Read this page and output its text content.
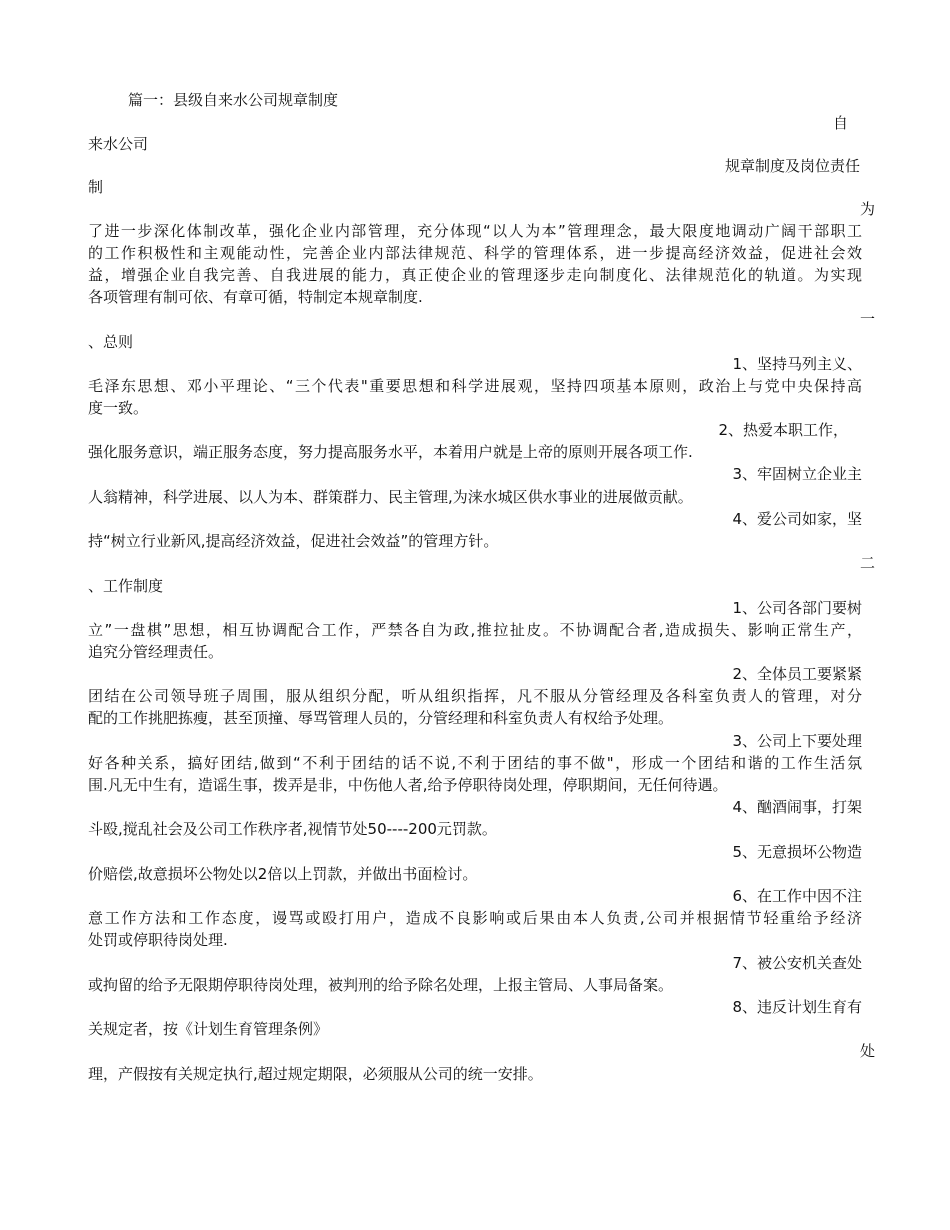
篇一：县级自来水公司规章制度
自
来水公司
规章制度及岗位责任
制
为
了进一步深化体制改革，强化企业内部管理，充分体现“以人为本”管理理念，最大限度地调动广阔干部职工
的工作积极性和主观能动性，完善企业内部法律规范、科学的管理体系，进一步提高经济效益，促进社会效
益，增强企业自我完善、自我进展的能力，真正使企业的管理逐步走向制度化、法律规范化的轨道。为实现
各项管理有制可依、有章可循，特制定本规章制度.
一
、总则
1、坚持马列主义、
毛泽东思想、邓小平理论、“三个代表"重要思想和科学进展观，坚持四项基本原则，政治上与党中央保持高
度一致。
2、热爱本职工作，
强化服务意识，端正服务态度，努力提高服务水平，本着用户就是上帝的原则开展各项工作.
3、牢固树立企业主
人翁精神，科学进展、以人为本、群策群力、民主管理,为涞水城区供水事业的进展做贡献。
4、爱公司如家，坚
持“树立行业新风,提高经济效益，促进社会效益”的管理方针。
二
、工作制度
1、公司各部门要树
立”一盘棋”思想，相互协调配合工作，严禁各自为政,推拉扯皮。不协调配合者,造成损失、影响正常生产，
追究分管经理责任。
2、全体员工要紧紧
团结在公司领导班子周围，服从组织分配，听从组织指挥，凡不服从分管经理及各科室负责人的管理，对分
配的工作挑肥拣瘦，甚至顶撞、辱骂管理人员的，分管经理和科室负责人有权给予处理。
3、公司上下要处理
好各种关系，搞好团结,做到“不利于团结的话不说,不利于团结的事不做"，形成一个团结和谐的工作生活氛
围.凡无中生有，造谣生事，拨弄是非，中伤他人者,给予停职待岗处理，停职期间，无任何待遇。
4、酗酒闹事，打架
斗殴,搅乱社会及公司工作秩序者,视情节处50----200元罚款。
5、无意损坏公物造
价赔偿,故意损坏公物处以2倍以上罚款，并做出书面检讨。
6、在工作中因不注
意工作方法和工作态度，谩骂或殴打用户，造成不良影响或后果由本人负责,公司并根据情节轻重给予经济
处罚或停职待岗处理.
7、被公安机关查处
或拘留的给予无限期停职待岗处理，被判刑的给予除名处理，上报主管局、人事局备案。
8、违反计划生育有
关规定者，按《计划生育管理条例》
处
理，产假按有关规定执行,超过规定期限，必须服从公司的统一安排。
